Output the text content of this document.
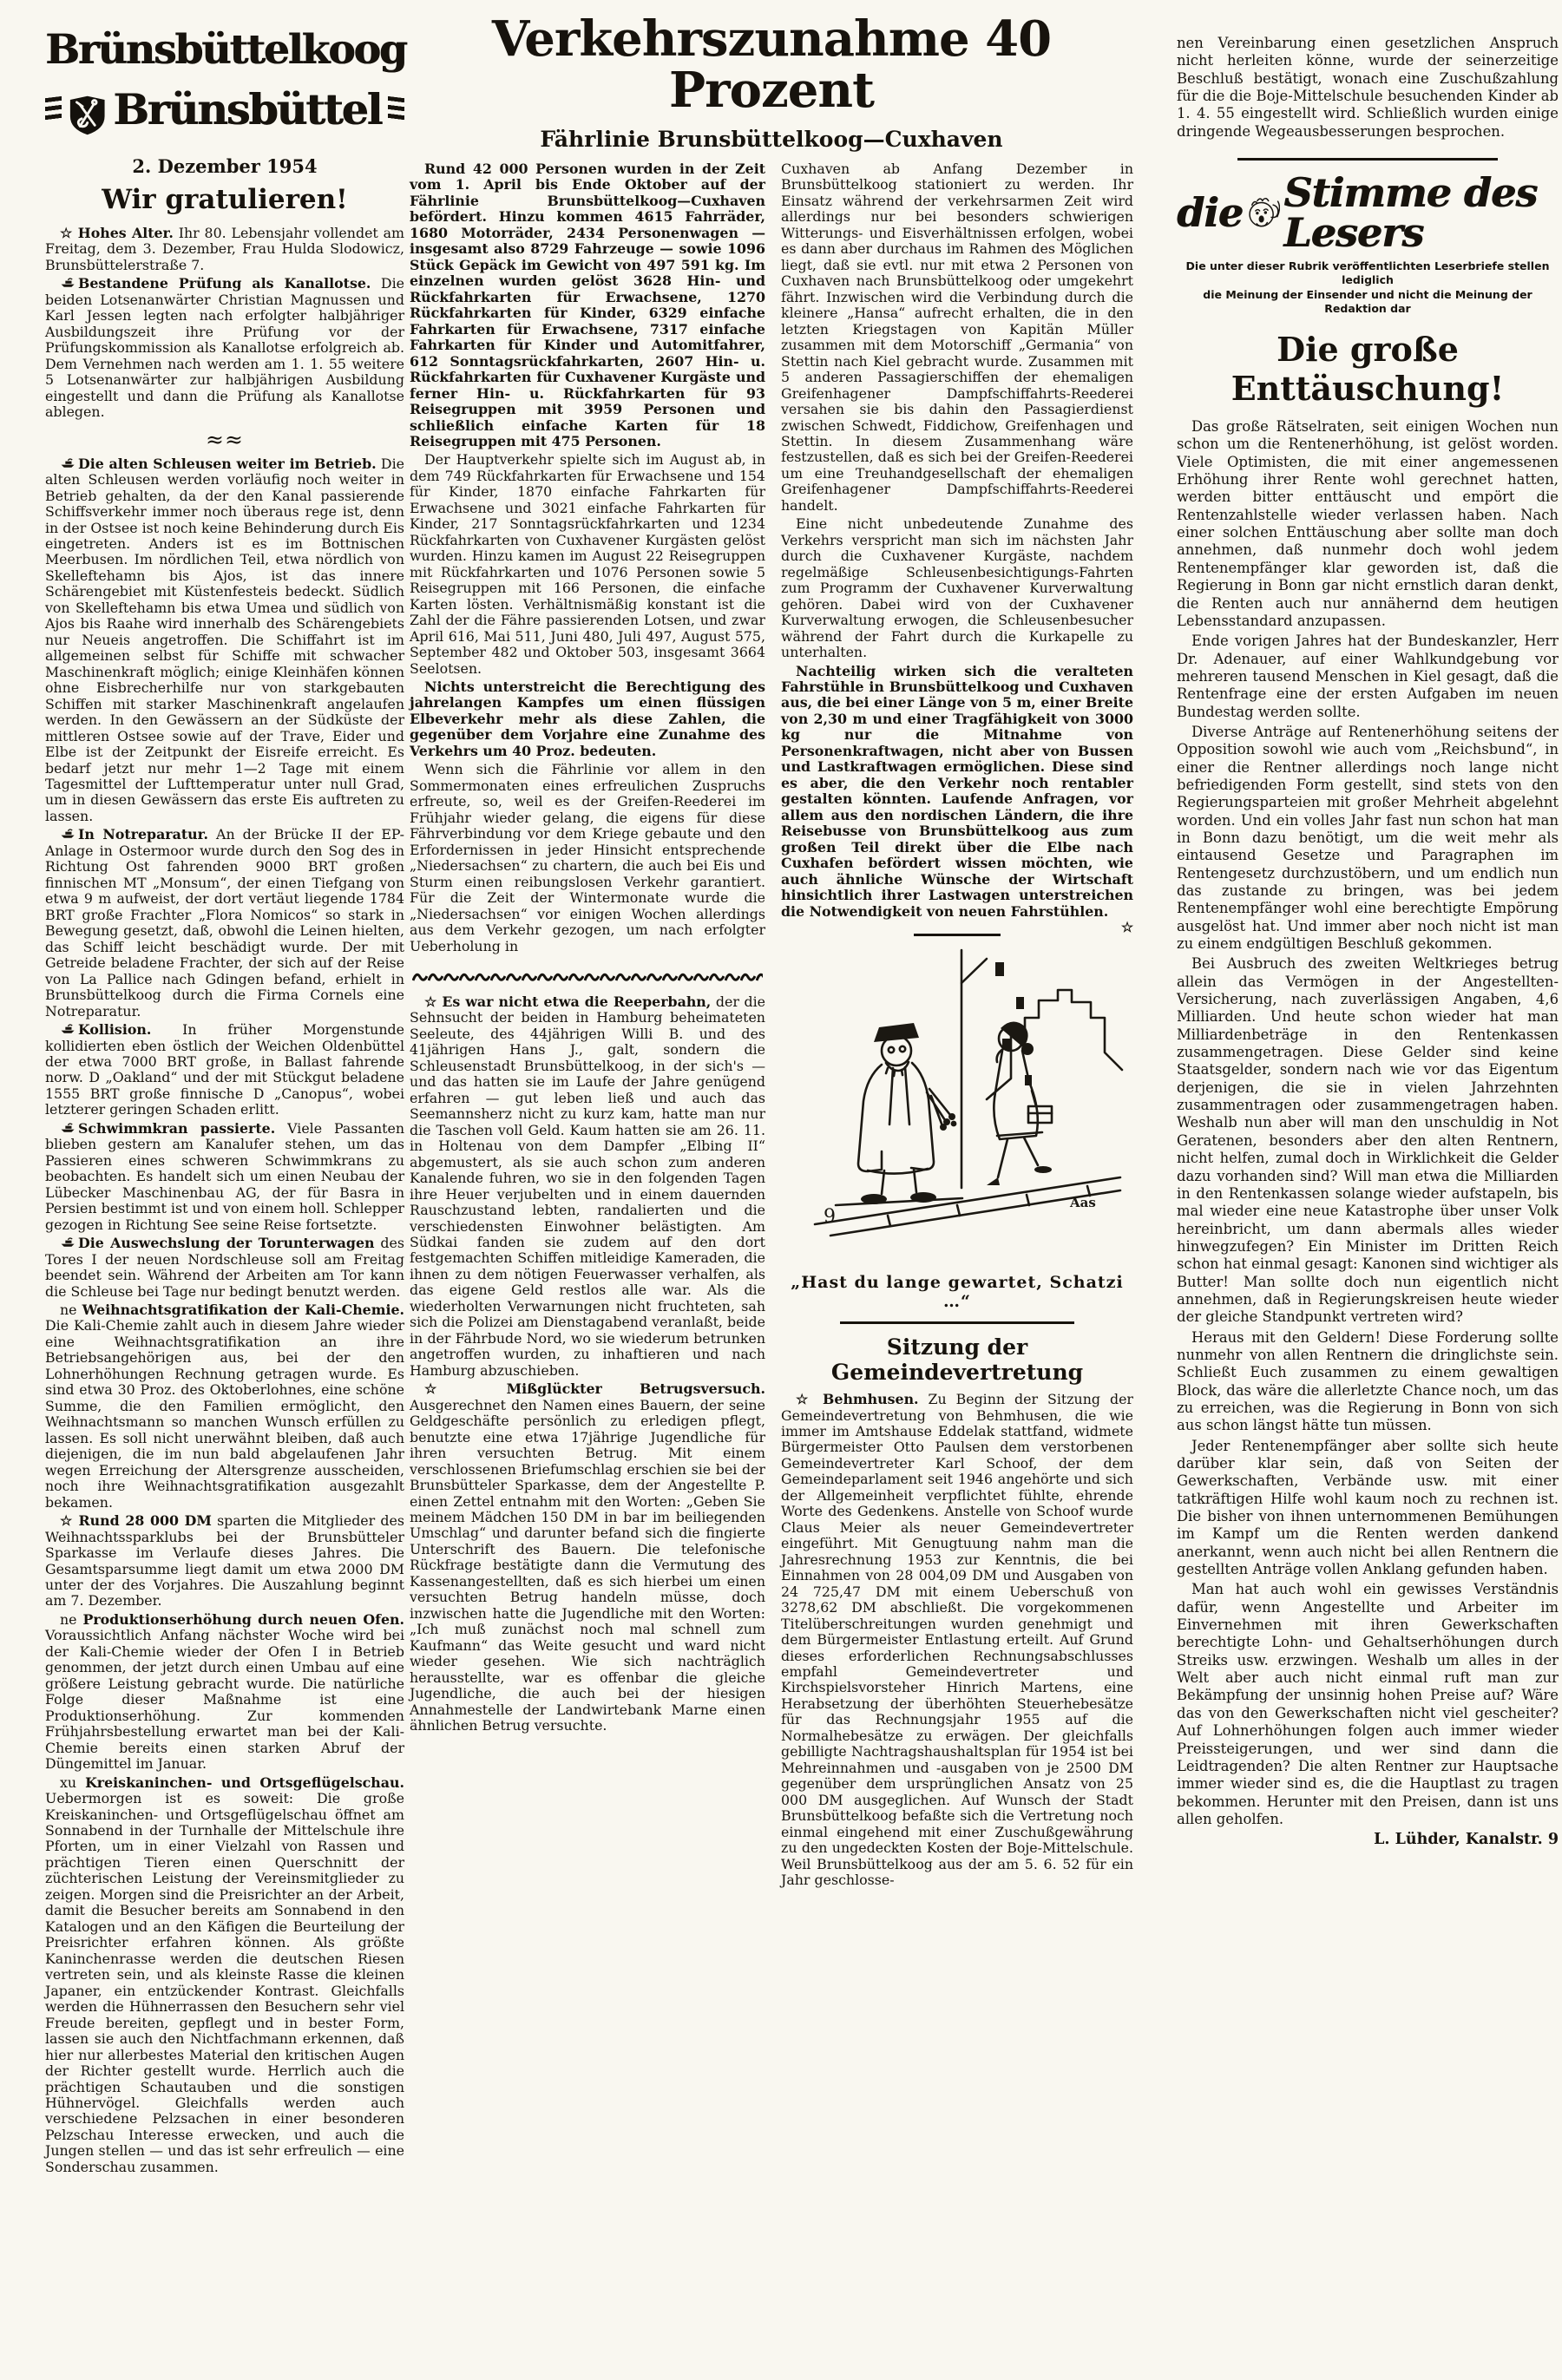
Brünsbüttelkoog
Brünsbüttel
2. Dezember 1954
Wir gratulieren!

☆ Hohes Alter. Ihr 80. Lebensjahr vollendet am Freitag, dem 3. Dezember, Frau Hulda Slodowicz, Brunsbüttelerstraße 7.

Bestandene Prüfung als Kanallotse. Die beiden Lotsenanwärter Christian Magnussen und Karl Jessen legten nach erfolgter halbjähriger Ausbildungszeit ihre Prüfung vor der Prüfungskommission als Kanallotse erfolgreich ab. Dem Vernehmen nach werden am 1. 1. 55 weitere 5 Lotsenanwärter zur halbjährigen Ausbildung eingestellt und dann die Prüfung als Kanallotse ablegen.

≈≈

Die alten Schleusen weiter im Betrieb. Die alten Schleusen werden vorläufig noch weiter in Betrieb gehalten, da der den Kanal passierende Schiffsverkehr immer noch überaus rege ist, denn in der Ostsee ist noch keine Behinderung durch Eis eingetreten. Anders ist es im Bottnischen Meerbusen. Im nördlichen Teil, etwa nördlich von Skelleftehamn bis Ajos, ist das innere Schärengebiet mit Küstenfesteis bedeckt. Südlich von Skelleftehamn bis etwa Umea und südlich von Ajos bis Raahe wird innerhalb des Schärengebiets nur Neueis angetroffen. Die Schiffahrt ist im allgemeinen selbst für Schiffe mit schwacher Maschinenkraft möglich; einige Kleinhäfen können ohne Eisbrecherhilfe nur von starkgebauten Schiffen mit starker Maschinenkraft angelaufen werden. In den Gewässern an der Südküste der mittleren Ostsee sowie auf der Trave, Eider und Elbe ist der Zeitpunkt der Eisreife erreicht. Es bedarf jetzt nur mehr 1—2 Tage mit einem Tagesmittel der Lufttemperatur unter null Grad, um in diesen Gewässern das erste Eis auftreten zu lassen.

In Notreparatur. An der Brücke II der EP-Anlage in Ostermoor wurde durch den Sog des in Richtung Ost fahrenden 9000 BRT großen finnischen MT „Monsum“, der einen Tiefgang von etwa 9 m aufweist, der dort vertäut liegende 1784 BRT große Frachter „Flora Nomicos“ so stark in Bewegung gesetzt, daß, obwohl die Leinen hielten, das Schiff leicht beschädigt wurde. Der mit Getreide beladene Frachter, der sich auf der Reise von La Pallice nach Gdingen befand, erhielt in Brunsbüttelkoog durch die Firma Cornels eine Notreparatur.

Kollision. In früher Morgenstunde kollidierten eben östlich der Weichen Oldenbüttel der etwa 7000 BRT große, in Ballast fahrende norw. D „Oakland“ und der mit Stückgut beladene 1555 BRT große finnische D „Canopus“, wobei letzterer geringen Schaden erlitt.

Schwimmkran passierte. Viele Passanten blieben gestern am Kanalufer stehen, um das Passieren eines schweren Schwimmkrans zu beobachten. Es handelt sich um einen Neubau der Lübecker Maschinenbau AG, der für Basra in Persien bestimmt ist und von einem holl. Schlepper gezogen in Richtung See seine Reise fortsetzte.

Die Auswechslung der Torunterwagen des Tores I der neuen Nordschleuse soll am Freitag beendet sein. Während der Arbeiten am Tor kann die Schleuse bei Tage nur bedingt benutzt werden.

ne Weihnachtsgratifikation der Kali-Chemie. Die Kali-Chemie zahlt auch in diesem Jahre wieder eine Weihnachtsgratifikation an ihre Betriebsangehörigen aus, bei der den Lohnerhöhungen Rechnung getragen wurde. Es sind etwa 30 Proz. des Oktoberlohnes, eine schöne Summe, die den Familien ermöglicht, den Weihnachtsmann so manchen Wunsch erfüllen zu lassen. Es soll nicht unerwähnt bleiben, daß auch diejenigen, die im nun bald abgelaufenen Jahr wegen Erreichung der Altersgrenze ausscheiden, noch ihre Weihnachtsgratifikation ausgezahlt bekamen.

☆ Rund 28 000 DM sparten die Mitglieder des Weihnachtssparklubs bei der Brunsbütteler Sparkasse im Verlaufe dieses Jahres. Die Gesamtsparsumme liegt damit um etwa 2000 DM unter der des Vorjahres. Die Auszahlung beginnt am 7. Dezember.

ne Produktionserhöhung durch neuen Ofen. Voraussichtlich Anfang nächster Woche wird bei der Kali-Chemie wieder der Ofen I in Betrieb genommen, der jetzt durch einen Umbau auf eine größere Leistung gebracht wurde. Die natürliche Folge dieser Maßnahme ist eine Produktionserhöhung. Zur kommenden Frühjahrsbestellung erwartet man bei der Kali-Chemie bereits einen starken Abruf der Düngemittel im Januar.

xu Kreiskaninchen- und Ortsgeflügelschau. Uebermorgen ist es soweit: Die große Kreiskaninchen- und Ortsgeflügelschau öffnet am Sonnabend in der Turnhalle der Mittelschule ihre Pforten, um in einer Vielzahl von Rassen und prächtigen Tieren einen Querschnitt der züchterischen Leistung der Vereinsmitglieder zu zeigen. Morgen sind die Preisrichter an der Arbeit, damit die Besucher bereits am Sonnabend in den Katalogen und an den Käfigen die Beurteilung der Preisrichter erfahren können. Als größte Kaninchenrasse werden die deutschen Riesen vertreten sein, und als kleinste Rasse die kleinen Japaner, ein entzückender Kontrast. Gleichfalls werden die Hühnerrassen den Besuchern sehr viel Freude bereiten, gepflegt und in bester Form, lassen sie auch den Nichtfachmann erkennen, daß hier nur allerbestes Material den kritischen Augen der Richter gestellt wurde. Herrlich auch die prächtigen Schautauben und die sonstigen Hühnervögel. Gleichfalls werden auch verschiedene Pelzsachen in einer besonderen Pelzschau Interesse erwecken, und auch die Jungen stellen — und das ist sehr erfreulich — eine Sonderschau zusammen.

Verkehrszunahme 40 Prozent
Fährlinie Brunsbüttelkoog—Cuxhaven

Rund 42 000 Personen wurden in der Zeit vom 1. April bis Ende Oktober auf der Fährlinie Brunsbüttelkoog—Cuxhaven befördert. Hinzu kommen 4615 Fahrräder, 1680 Motorräder, 2434 Personenwagen — insgesamt also 8729 Fahrzeuge — sowie 1096 Stück Gepäck im Gewicht von 497 591 kg. Im einzelnen wurden gelöst 3628 Hin- und Rückfahrkarten für Erwachsene, 1270 Rückfahrkarten für Kinder, 6329 einfache Fahrkarten für Erwachsene, 7317 einfache Fahrkarten für Kinder und Automitfahrer, 612 Sonntagsrückfahrkarten, 2607 Hin- u. Rückfahrkarten für Cuxhavener Kurgäste und ferner Hin- u. Rückfahrkarten für 93 Reisegruppen mit 3959 Personen und schließlich einfache Karten für 18 Reisegruppen mit 475 Personen.

Der Hauptverkehr spielte sich im August ab, in dem 749 Rückfahrkarten für Erwachsene und 154 für Kinder, 1870 einfache Fahrkarten für Erwachsene und 3021 einfache Fahrkarten für Kinder, 217 Sonntagsrückfahrkarten und 1234 Rückfahrkarten von Cuxhavener Kurgästen gelöst wurden. Hinzu kamen im August 22 Reisegruppen mit Rückfahrkarten und 1076 Personen sowie 5 Reisegruppen mit 166 Personen, die einfache Karten lösten. Verhältnismäßig konstant ist die Zahl der die Fähre passierenden Lotsen, und zwar April 616, Mai 511, Juni 480, Juli 497, August 575, September 482 und Oktober 503, insgesamt 3664 Seelotsen.

Nichts unterstreicht die Berechtigung des jahrelangen Kampfes um einen flüssigen Elbeverkehr mehr als diese Zahlen, die gegenüber dem Vorjahre eine Zunahme des Verkehrs um 40 Proz. bedeuten.

Wenn sich die Fährlinie vor allem in den Sommermonaten eines erfreulichen Zuspruchs erfreute, so, weil es der Greifen-Reederei im Frühjahr wieder gelang, die eigens für diese Fährverbindung vor dem Kriege gebaute und den Erfordernissen in jeder Hinsicht entsprechende „Niedersachsen“ zu chartern, die auch bei Eis und Sturm einen reibungslosen Verkehr garantiert. Für die Zeit der Wintermonate wurde die „Niedersachsen“ vor einigen Wochen allerdings aus dem Verkehr gezogen, um nach erfolgter Ueberholung in

☆ Es war nicht etwa die Reeperbahn, der die Sehnsucht der beiden in Hamburg beheimateten Seeleute, des 44jährigen Willi B. und des 41jährigen Hans J., galt, sondern die Schleusenstadt Brunsbüttelkoog, in der sich's — und das hatten sie im Laufe der Jahre genügend erfahren — gut leben ließ und auch das Seemannsherz nicht zu kurz kam, hatte man nur die Taschen voll Geld. Kaum hatten sie am 26. 11. in Holtenau von dem Dampfer „Elbing II“ abgemustert, als sie auch schon zum anderen Kanalende fuhren, wo sie in den folgenden Tagen ihre Heuer verjubelten und in einem dauernden Rauschzustand lebten, randalierten und die verschiedensten Einwohner belästigten. Am Südkai fanden sie zudem auf den dort festgemachten Schiffen mitleidige Kameraden, die ihnen zu dem nötigen Feuerwasser verhalfen, als das eigene Geld restlos alle war. Als die wiederholten Verwarnungen nicht fruchteten, sah sich die Polizei am Dienstagabend veranlaßt, beide in der Fährbude Nord, wo sie wiederum betrunken angetroffen wurden, zu inhaftieren und nach Hamburg abzuschieben.

☆	Mißglückter Betrugsversuch. Ausgerechnet den Namen eines Bauern, der seine Geldgeschäfte persönlich zu erledigen pflegt, benutzte eine etwa 17jährige Jugendliche für ihren versuchten Betrug. Mit einem verschlossenen Briefumschlag erschien sie bei der Brunsbütteler Sparkasse, dem der Angestellte P. einen Zettel entnahm mit den Worten: „Geben Sie meinem Mädchen 150 DM in bar im beiliegenden Umschlag“ und darunter befand sich die fingierte Unterschrift des Bauern. Die telefonische Rückfrage bestätigte dann die Vermutung des Kassenangestellten, daß es sich hierbei um einen versuchten Betrug handeln müsse, doch inzwischen hatte die Jugendliche mit den Worten: „Ich muß zunächst noch mal schnell zum Kaufmann“ das Weite gesucht und ward nicht wieder gesehen. Wie sich nachträglich herausstellte, war es offenbar die gleiche Jugendliche, die auch bei der hiesigen Annahmestelle der Landwirtebank Marne einen ähnlichen Betrug versuchte.

Cuxhaven ab Anfang Dezember in Brunsbüttelkoog stationiert zu werden. Ihr Einsatz während der verkehrsarmen Zeit wird allerdings nur bei besonders schwierigen Witterungs- und Eisverhältnissen erfolgen, wobei es dann aber durchaus im Rahmen des Möglichen liegt, daß sie evtl. nur mit etwa 2 Personen von Cuxhaven nach Brunsbüttelkoog oder umgekehrt fährt. Inzwischen wird die Verbindung durch die kleinere „Hansa“ aufrecht erhalten, die in den letzten Kriegstagen von Kapitän Müller zusammen mit dem Motorschiff „Germania“ von Stettin nach Kiel gebracht wurde. Zusammen mit 5 anderen Passagierschiffen der ehemaligen Greifenhagener Dampfschiffahrts-Reederei versahen sie bis dahin den Passagierdienst zwischen Schwedt, Fiddichow, Greifenhagen und Stettin. In diesem Zusammenhang wäre festzustellen, daß es sich bei der Greifen-Reederei um eine Treuhandgesellschaft der ehemaligen Greifenhagener Dampfschiffahrts-Reederei handelt.

Eine nicht unbedeutende Zunahme des Verkehrs verspricht man sich im nächsten Jahr durch die Cuxhavener Kurgäste, nachdem regelmäßige Schleusenbesichtigungs-Fahrten zum Programm der Cuxhavener Kurverwaltung gehören. Dabei wird von der Cuxhavener Kurverwaltung erwogen, die Schleusenbesucher während der Fahrt durch die Kurkapelle zu unterhalten.

Nachteilig wirken sich die veralteten Fahrstühle in Brunsbüttelkoog und Cuxhaven aus, die bei einer Länge von 5 m, einer Breite von 2,30 m und einer Tragfähigkeit von 3000 kg nur die Mitnahme von Personenkraftwagen, nicht aber von Bussen und Lastkraftwagen ermöglichen. Diese sind es aber, die den Verkehr noch rentabler gestalten könnten. Laufende Anfragen, vor allem aus den nordischen Ländern, die ihre Reisebusse von Brunsbüttelkoog aus zum großen Teil direkt über die Elbe nach Cuxhafen befördert wissen möchten, wie auch ähnliche Wünsche der Wirtschaft hinsichtlich ihrer Lastwagen unterstreichen die Notwendigkeit von neuen Fahrstühlen.
☆

9
Aas
„Hast du lange gewartet, Schatzi …“
Sitzung der Gemeindevertretung

☆ Behmhusen. Zu Beginn der Sitzung der Gemeindevertretung von Behmhusen, die wie immer im Amtshause Eddelak stattfand, widmete Bürgermeister Otto Paulsen dem verstorbenen Gemeindevertreter Karl Schoof, der dem Gemeindeparlament seit 1946 angehörte und sich der Allgemeinheit verpflichtet fühlte, ehrende Worte des Gedenkens. Anstelle von Schoof wurde Claus Meier als neuer Gemeindevertreter eingeführt. Mit Genugtuung nahm man die Jahresrechnung 1953 zur Kenntnis, die bei Einnahmen von 28 004,09 DM und Ausgaben von 24 725,47 DM mit einem Ueberschuß von 3278,62 DM abschließt. Die vorgekommenen Titelüberschreitungen wurden genehmigt und dem Bürgermeister Entlastung erteilt. Auf Grund dieses erforderlichen Rechnungsabschlusses empfahl Gemeindevertreter und Kirchspielsvorsteher Hinrich Martens, eine Herabsetzung der überhöhten Steuerhebesätze für das Rechnungsjahr 1955 auf die Normalhebesätze zu erwägen. Der gleichfalls gebilligte Nachtragshaushaltsplan für 1954 ist bei Mehreinnahmen und -ausgaben von je 2500 DM gegenüber dem ursprünglichen Ansatz von 25 000 DM ausgeglichen. Auf Wunsch der Stadt Brunsbüttelkoog befaßte sich die Vertretung noch einmal eingehend mit einer Zuschußgewährung zu den ungedeckten Kosten der Boje-Mittelschule. Weil Brunsbüttelkoog aus der am 5. 6. 52 für ein Jahr geschlosse-

nen Vereinbarung einen gesetzlichen Anspruch nicht herleiten könne, wurde der seinerzeitige Beschluß bestätigt, wonach eine Zuschußzahlung für die die Boje-Mittelschule besuchenden Kinder ab 1. 4. 55 eingestellt wird. Schließlich wurden einige dringende Wegeausbesserungen besprochen.

die Stimme des Lesers
Die unter dieser Rubrik veröffentlichten Leserbriefe stellen lediglich
die Meinung der Einsender und nicht die Meinung der Redaktion dar
Die große Enttäuschung!

Das große Rätselraten, seit einigen Wochen nun schon um die Rentenerhöhung, ist gelöst worden. Viele Optimisten, die mit einer angemessenen Erhöhung ihrer Rente wohl gerechnet hatten, werden bitter enttäuscht und empört die Rentenzahlstelle wieder verlassen haben. Nach einer solchen Enttäuschung aber sollte man doch annehmen, daß nunmehr doch wohl jedem Rentenempfänger klar geworden ist, daß die Regierung in Bonn gar nicht ernstlich daran denkt, die Renten auch nur annähernd dem heutigen Lebensstandard anzupassen.

Ende vorigen Jahres hat der Bundeskanzler, Herr Dr. Adenauer, auf einer Wahlkundgebung vor mehreren tausend Menschen in Kiel gesagt, daß die Rentenfrage eine der ersten Aufgaben im neuen Bundestag werden sollte.

Diverse Anträge auf Rentenerhöhung seitens der Opposition sowohl wie auch vom „Reichsbund“, in einer die Rentner allerdings noch lange nicht befriedigenden Form gestellt, sind stets von den Regierungsparteien mit großer Mehrheit abgelehnt worden. Und ein volles Jahr fast nun schon hat man in Bonn dazu benötigt, um die weit mehr als eintausend Gesetze und Paragraphen im Rentengesetz durchzustöbern, und um endlich nun das zustande zu bringen, was bei jedem Rentenempfänger wohl eine berechtigte Empörung ausgelöst hat. Und immer aber noch nicht ist man zu einem endgültigen Beschluß gekommen.

Bei Ausbruch des zweiten Weltkrieges betrug allein das Vermögen in der Angestellten-Versicherung, nach zuverlässigen Angaben, 4,6 Milliarden. Und heute schon wieder hat man Milliardenbeträge in den Rentenkassen zusammengetragen. Diese Gelder sind keine Staatsgelder, sondern nach wie vor das Eigentum derjenigen, die sie in vielen Jahrzehnten zusammentragen oder zusammengetragen haben. Weshalb nun aber will man den unschuldig in Not Geratenen, besonders aber den alten Rentnern, nicht helfen, zumal doch in Wirklichkeit die Gelder dazu vorhanden sind? Will man etwa die Milliarden in den Rentenkassen solange wieder aufstapeln, bis mal wieder eine neue Katastrophe über unser Volk hereinbricht, um dann abermals alles wieder hinwegzufegen? Ein Minister im Dritten Reich schon hat einmal gesagt: Kanonen sind wichtiger als Butter! Man sollte doch nun eigentlich nicht annehmen, daß in Regierungskreisen heute wieder der gleiche Standpunkt vertreten wird?

Heraus mit den Geldern! Diese Forderung sollte nunmehr von allen Rentnern die dringlichste sein. Schließt Euch zusammen zu einem gewaltigen Block, das wäre die allerletzte Chance noch, um das zu erreichen, was die Regierung in Bonn von sich aus schon längst hätte tun müssen.

Jeder Rentenempfänger aber sollte sich heute darüber klar sein, daß von Seiten der Gewerkschaften, Verbände usw. mit einer tatkräftigen Hilfe wohl kaum noch zu rechnen ist. Die bisher von ihnen unternommenen Bemühungen im Kampf um die Renten werden dankend anerkannt, wenn auch nicht bei allen Rentnern die gestellten Anträge vollen Anklang gefunden haben.

Man hat auch wohl ein gewisses Verständnis dafür, wenn Angestellte und Arbeiter im Einvernehmen mit ihren Gewerkschaften berechtigte Lohn- und Gehaltserhöhungen durch Streiks usw. erzwingen. Weshalb um alles in der Welt aber auch nicht einmal ruft man zur Bekämpfung der unsinnig hohen Preise auf? Wäre das von den Gewerkschaften nicht viel gescheiter? Auf Lohnerhöhungen folgen auch immer wieder Preissteigerungen, und wer sind dann die Leidtragenden? Die alten Rentner zur Hauptsache immer wieder sind es, die die Hauptlast zu tragen bekommen. Herunter mit den Preisen, dann ist uns allen geholfen.

L. Lühder, Kanalstr. 9
